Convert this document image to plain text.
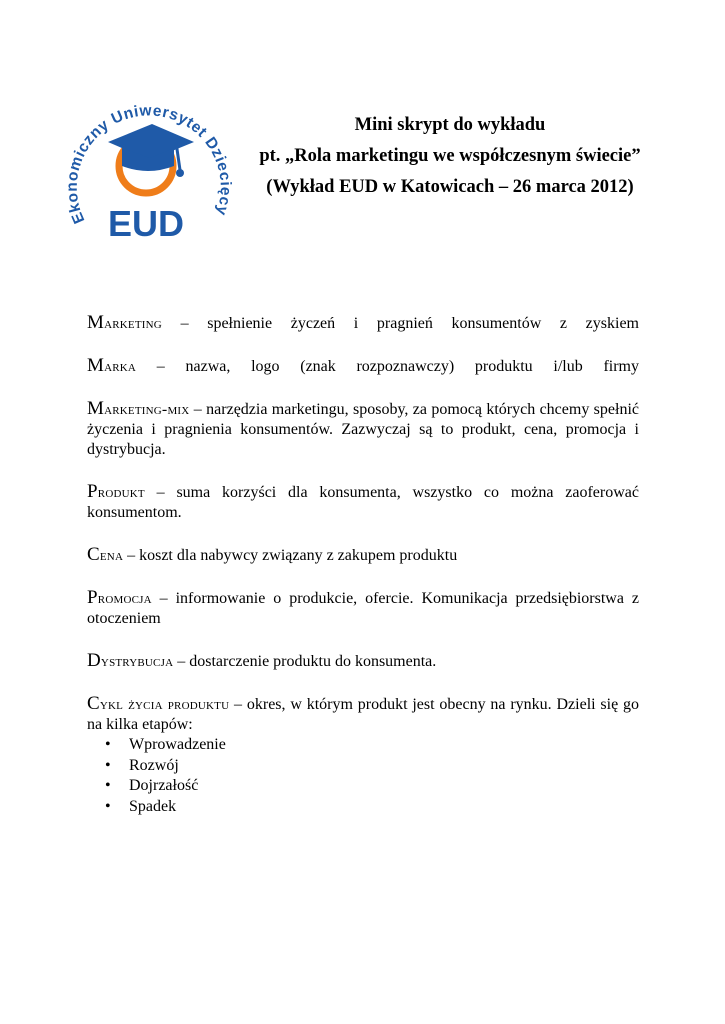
Ekonomiczny Uniwersytet Dziecięcy
EUD
Mini skrypt do wykładu
pt. „Rola marketingu we współczesnym świecie”
(Wykład EUD w Katowicach – 26 marca 2012)

Marketing – spełnienie życzeń i pragnień konsumentów z zyskiem

Marka – nazwa, logo (znak rozpoznawczy) produktu i/lub firmy

Marketing-mix – narzędzia marketingu, sposoby, za pomocą których chcemy spełnić życzenia i pragnienia konsumentów. Zazwyczaj są to produkt, cena, promocja i dystrybucja.

Produkt – suma korzyści dla konsumenta, wszystko co można zaoferować konsumentom.

Cena – koszt dla nabywcy związany z zakupem produktu

Promocja – informowanie o produkcie, ofercie. Komunikacja przedsiębiorstwa z otoczeniem

Dystrybucja – dostarczenie produktu do konsumenta.

Cykl życia produktu – okres, w którym produkt jest obecny na rynku. Dzieli się go na kilka etapów:

• Wprowadzenie
• Rozwój
• Dojrzałość
• Spadek
